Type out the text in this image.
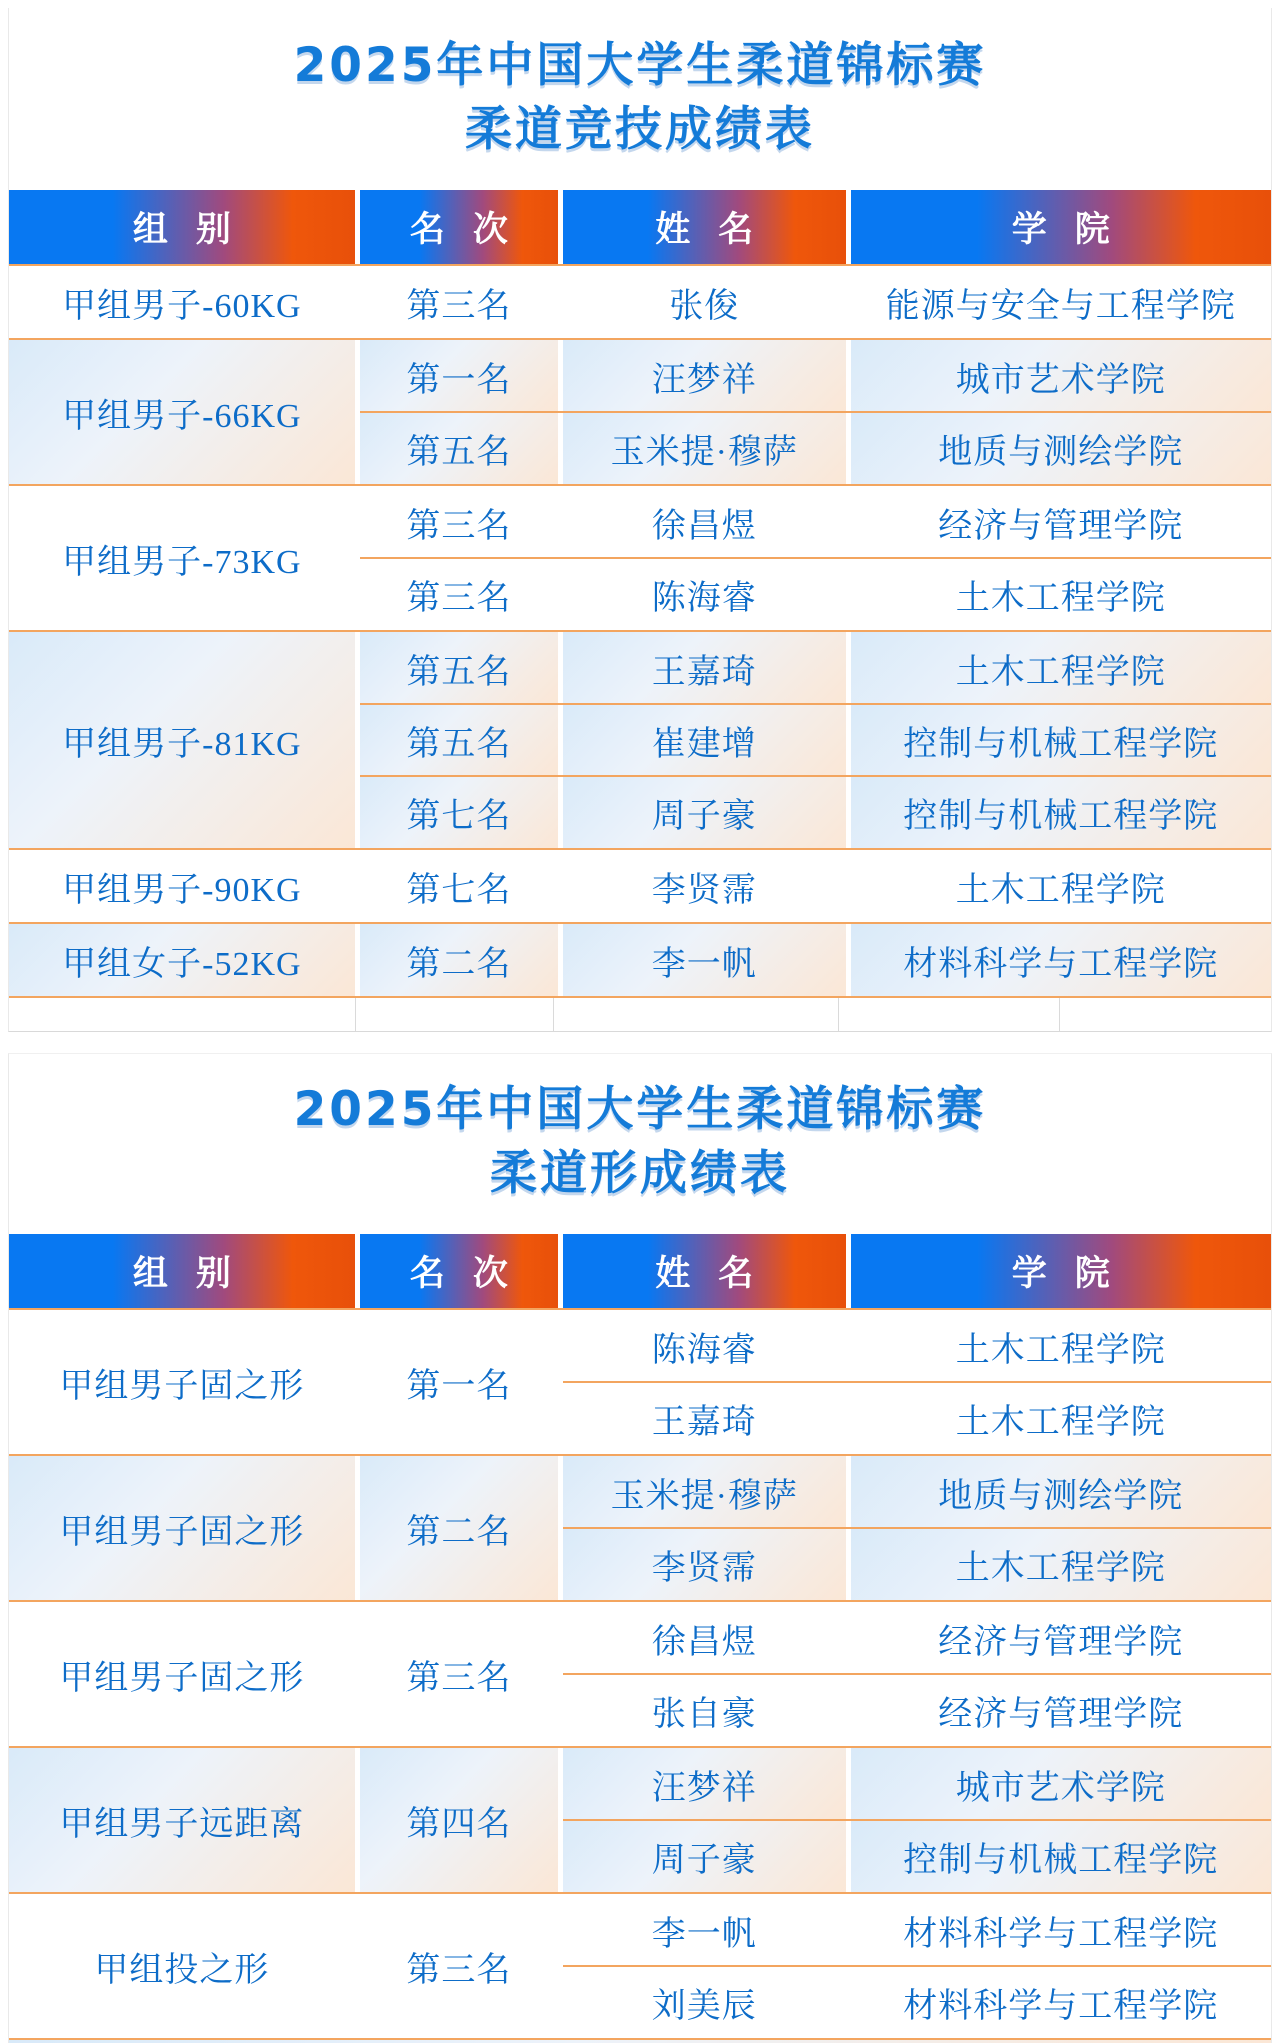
2025年中国大学生柔道锦标赛
柔道竞技成绩表
组别	名次	姓名	学院
甲组男子-60KG	第三名	张俊	能源与安全与工程学院
甲组男子-66KG
第一名	汪梦祥	城市艺术学院
第五名	玉米提·穆萨	地质与测绘学院
甲组男子-73KG
第三名	徐昌煜	经济与管理学院
第三名	陈海睿	土木工程学院
甲组男子-81KG
第五名	王嘉琦	土木工程学院
第五名	崔建增	控制与机械工程学院
第七名	周子豪	控制与机械工程学院
甲组男子-90KG	第七名	李贤霈	土木工程学院
甲组女子-52KG	第二名	李一帆	材料科学与工程学院
2025年中国大学生柔道锦标赛
柔道形成绩表
组别	名次	姓名	学院
甲组男子固之形	第一名
陈海睿	土木工程学院
王嘉琦	土木工程学院
甲组男子固之形	第二名
玉米提·穆萨	地质与测绘学院
李贤霈	土木工程学院
甲组男子固之形	第三名
徐昌煜	经济与管理学院
张自豪	经济与管理学院
甲组男子远距离	第四名
汪梦祥	城市艺术学院
周子豪	控制与机械工程学院
甲组投之形	第三名
李一帆	材料科学与工程学院
刘美辰	材料科学与工程学院
